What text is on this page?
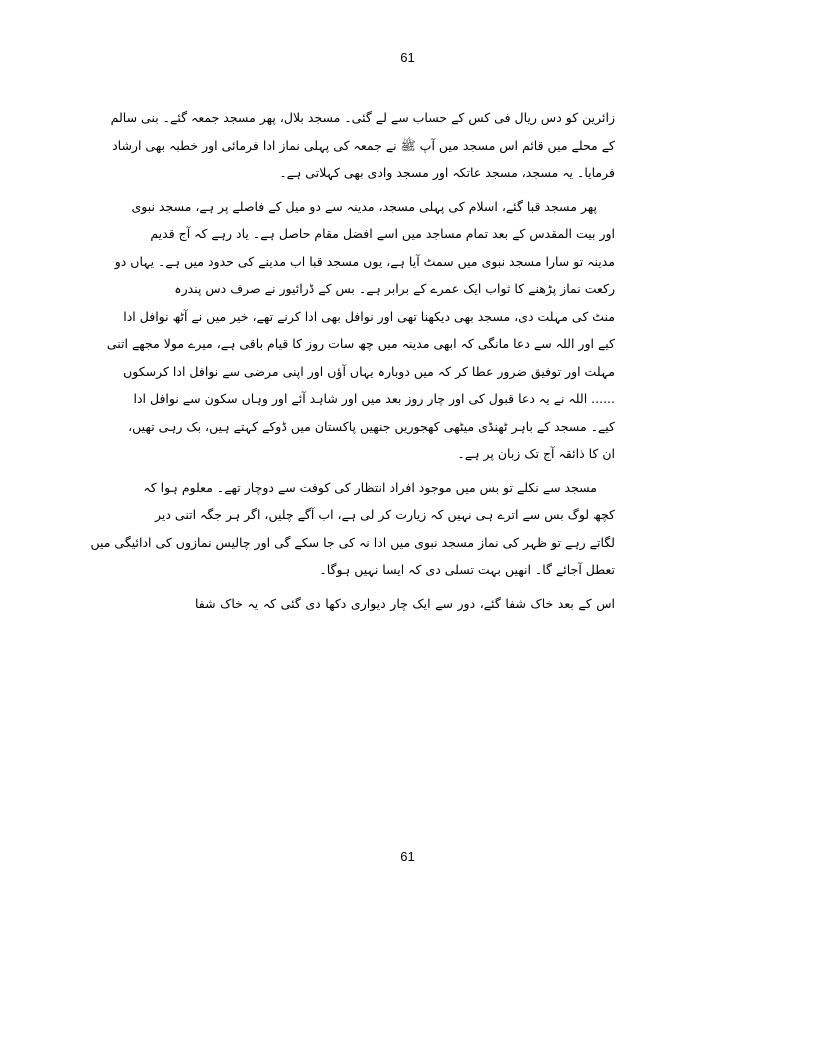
61
زائرین کو دس ریال فی کس کے حساب سے لے گئی۔ مسجد بلال، پھر مسجد جمعہ گئے۔ بنی سالم
کے محلے میں قائم اس مسجد میں آپ ﷺ نے جمعہ کی پہلی نماز ادا فرمائی اور خطبہ بھی ارشاد
فرمایا۔ یہ مسجد، مسجد عاتکہ اور مسجد وادی بھی کہلاتی ہے۔
پھر مسجد قبا گئے، اسلام کی پہلی مسجد، مدینہ سے دو میل کے فاصلے پر ہے، مسجد نبوی
اور بیت المقدس کے بعد تمام مساجد میں اسے افضل مقام حاصل ہے۔ یاد رہے کہ آج قدیم
مدینہ تو سارا مسجد نبوی میں سمٹ آیا ہے، یوں مسجد قبا اب مدینے کی حدود میں ہے۔ یہاں دو
رکعت نماز پڑھنے کا ثواب ایک عمرے کے برابر ہے۔ بس کے ڈرائیور نے صرف دس پندرہ
منٹ کی مہلت دی، مسجد بھی دیکھنا تھی اور نوافل بھی ادا کرنے تھے، خیر میں نے آٹھ نوافل ادا
کیے اور اللہ سے دعا مانگی کہ ابھی مدینہ میں چھ سات روز کا قیام باقی ہے، میرے مولا مجھے اتنی
مہلت اور توفیق ضرور عطا کر کہ میں دوبارہ یہاں آؤں اور اپنی مرضی سے نوافل ادا کرسکوں
...... اللہ نے یہ دعا قبول کی اور چار روز بعد میں اور شاہد آئے اور وہاں سکون سے نوافل ادا
کیے۔ مسجد کے باہر ٹھنڈی میٹھی کھجوریں جنھیں پاکستان میں ڈوکے کہتے ہیں، بک رہی تھیں،
ان کا ذائقہ آج تک زبان پر ہے۔
مسجد سے نکلے تو بس میں موجود افراد انتظار کی کوفت سے دوچار تھے۔ معلوم ہوا کہ
کچھ لوگ بس سے اترے ہی نہیں کہ زیارت کر لی ہے، اب آگے چلیں، اگر ہر جگہ اتنی دیر
لگاتے رہے تو ظہر کی نماز مسجد نبوی میں ادا نہ کی جا سکے گی اور چالیس نمازوں کی ادائیگی میں
تعطل آجائے گا۔ انھیں بہت تسلی دی کہ ایسا نہیں ہوگا۔
اس کے بعد خاک شفا گئے، دور سے ایک چار دیواری دکھا دی گئی کہ یہ خاک شفا
61
